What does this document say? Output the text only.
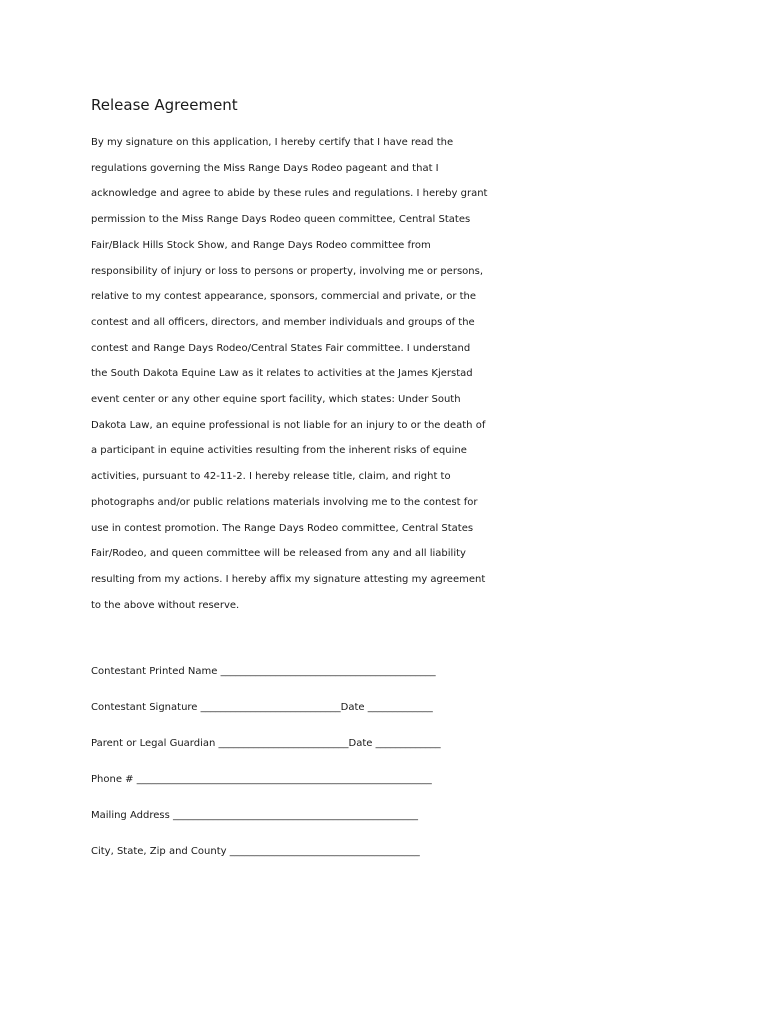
Release Agreement
By my signature on this application, I hereby certify that I have read the
regulations governing the Miss Range Days Rodeo pageant and that I
acknowledge and agree to abide by these rules and regulations. I hereby grant
permission to the Miss Range Days Rodeo queen committee, Central States
Fair/Black Hills Stock Show, and Range Days Rodeo committee from
responsibility of injury or loss to persons or property, involving me or persons,
relative to my contest appearance, sponsors, commercial and private, or the
contest and all officers, directors, and member individuals and groups of the
contest and Range Days Rodeo/Central States Fair committee. I understand
the South Dakota Equine Law as it relates to activities at the James Kjerstad
event center or any other equine sport facility, which states: Under South
Dakota Law, an equine professional is not liable for an injury to or the death of
a participant in equine activities resulting from the inherent risks of equine
activities, pursuant to 42-11-2. I hereby release title, claim, and right to
photographs and/or public relations materials involving me to the contest for
use in contest promotion. The Range Days Rodeo committee, Central States
Fair/Rodeo, and queen committee will be released from any and all liability
resulting from my actions. I hereby affix my signature attesting my agreement
to the above without reserve.
Contestant Printed Name ___________________________________________
Contestant Signature ____________________________Date _____________
Parent or Legal Guardian __________________________Date _____________
Phone # ___________________________________________________________
Mailing Address _________________________________________________
City, State, Zip and County ______________________________________
